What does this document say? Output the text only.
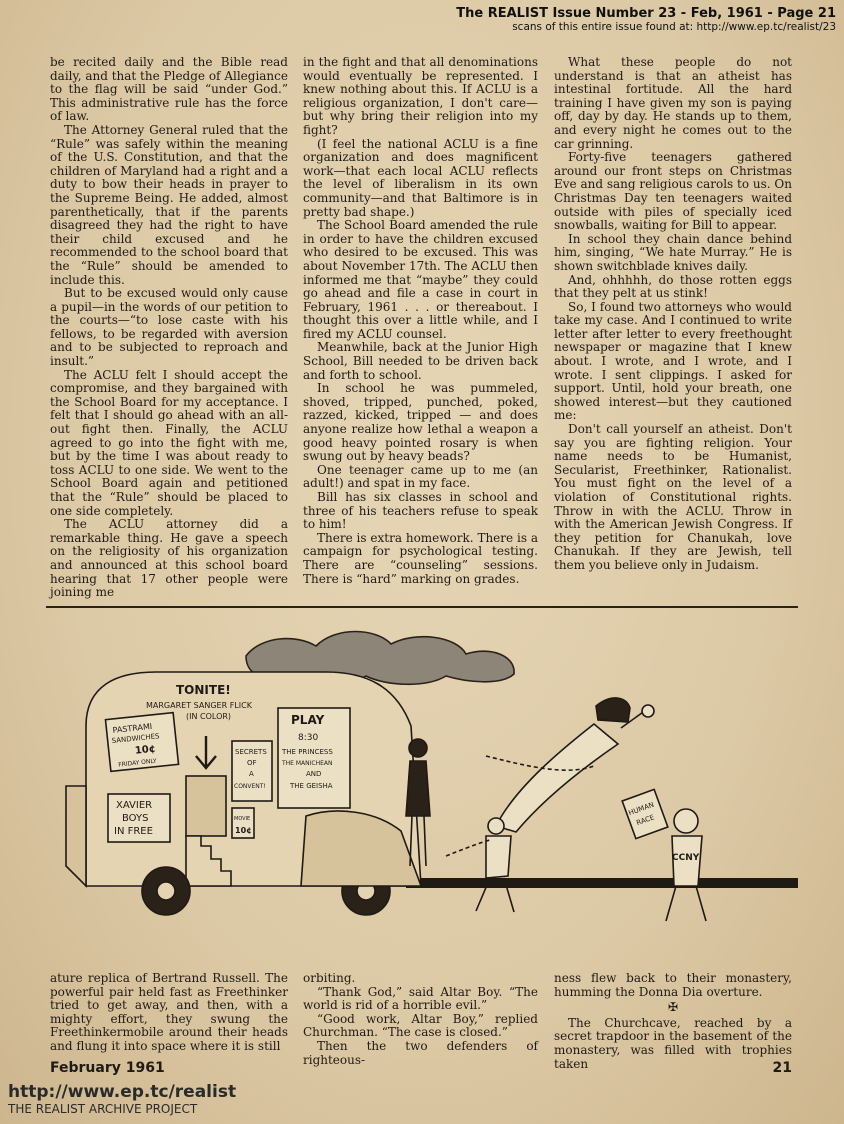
The REALIST Issue Number 23 - Feb, 1961 - Page 21
scans of this entire issue found at: http://www.ep.tc/realist/23

be recited daily and the Bible read daily, and that the Pledge of Allegiance to the flag will be said “under God.” This administrative rule has the force of law.

The Attorney General ruled that the “Rule” was safely within the meaning of the U.S. Constitution, and that the children of Maryland had a right and a duty to bow their heads in prayer to the Supreme Being. He added, almost parenthetically, that if the parents disagreed they had the right to have their child excused and he recommended to the school board that the “Rule” should be amended to include this.

But to be excused would only cause a pupil—in the words of our petition to the courts—“to lose caste with his fellows, to be regarded with aversion and to be subjected to reproach and insult.”

The ACLU felt I should accept the compromise, and they bargained with the School Board for my acceptance. I felt that I should go ahead with an all-out fight then. Finally, the ACLU agreed to go into the fight with me, but by the time I was about ready to toss ACLU to one side. We went to the School Board again and petitioned that the “Rule” should be placed to one side completely.

The ACLU attorney did a remarkable thing. He gave a speech on the religiosity of his organization and announced at this school board hearing that 17 other people were joining me

in the fight and that all denominations would eventually be represented. I knew nothing about this. If ACLU is a religious organization, I don't care—but why bring their religion into my fight?

(I feel the national ACLU is a fine organization and does magnificent work—that each local ACLU reflects the level of liberalism in its own community—and that Baltimore is in pretty bad shape.)

The School Board amended the rule in order to have the children excused who desired to be excused. This was about November 17th. The ACLU then informed me that “maybe” they could go ahead and file a case in court in February, 1961 . . . or thereabout. I thought this over a little while, and I fired my ACLU counsel.

Meanwhile, back at the Junior High School, Bill needed to be driven back and forth to school.

In school he was pummeled, shoved, tripped, punched, poked, razzed, kicked, tripped — and does anyone realize how lethal a weapon a good heavy pointed rosary is when swung out by heavy beads?

One teenager came up to me (an adult!) and spat in my face.

Bill has six classes in school and three of his teachers refuse to speak to him!

There is extra homework. There is a campaign for psychological testing. There are “counseling” sessions. There is “hard” marking on grades.

What these people do not understand is that an atheist has intestinal fortitude. All the hard training I have given my son is paying off, day by day. He stands up to them, and every night he comes out to the car grinning.

Forty-five teenagers gathered around our front steps on Christmas Eve and sang religious carols to us. On Christmas Day ten teenagers waited outside with piles of specially iced snowballs, waiting for Bill to appear.

In school they chain dance behind him, singing, “We hate Murray.” He is shown switchblade knives daily.

And, ohhhhh, do those rotten eggs that they pelt at us stink!

So, I found two attorneys who would take my case. And I continued to write letter after letter to every freethought newspaper or magazine that I knew about. I wrote, and I wrote, and I wrote. I sent clippings. I asked for support. Until, hold your breath, one showed interest—but they cautioned me:

Don't call yourself an atheist. Don't say you are fighting religion. Your name needs to be Humanist, Secularist, Freethinker, Rationalist. You must fight on the level of a violation of Constitutional rights. Throw in with the ACLU. Throw in with the American Jewish Congress. If they petition for Chanukah, love Chanukah. If they are Jewish, tell them you believe only in Judaism.

TONITE!
MARGARET SANGER FLICK
(IN COLOR)	PLAY
8:30
THE PRINCESS
THE MANICHEAN
AND
THE GEISHA
PASTRAMI
SANDWICHES
10¢
FRIDAY ONLY
SECRETS
OF
A
CONVENT!
MOVIE
10¢
XAVIER
BOYS
IN FREE
HUMAN
RACE
CCNY

ature replica of Bertrand Russell. The powerful pair held fast as Freethinker tried to get away, and then, with a mighty effort, they swung the Freethinkermobile around their heads and flung it into space where it is still

orbiting.

“Thank God,” said Altar Boy. “The world is rid of a horrible evil.”

“Good work, Altar Boy,” replied Churchman. “The case is closed.”

Then the two defenders of righteous-

ness flew back to their monastery, humming the Donna Dia overture.

✠

The Churchcave, reached by a secret trapdoor in the basement of the monastery, was filled with trophies taken

February 1961	21
http://www.ep.tc/realist
THE REALIST ARCHIVE PROJECT
